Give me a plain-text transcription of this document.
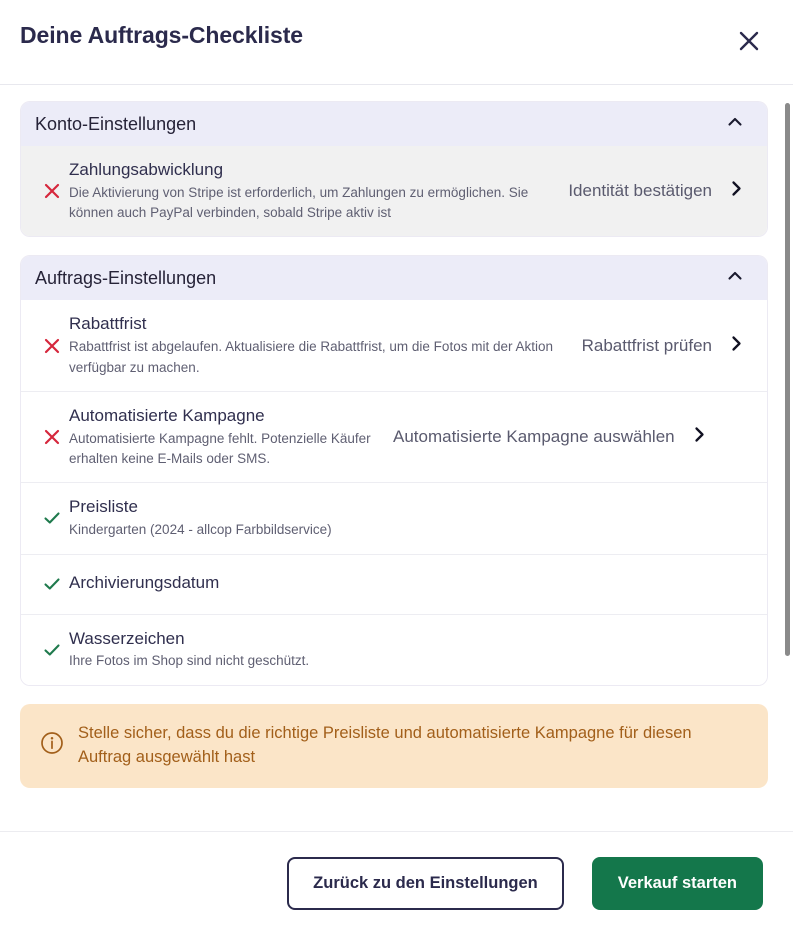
Deine Auftrags-Checkliste
Konto-Einstellungen
Zahlungsabwicklung
Die Aktivierung von Stripe ist erforderlich, um Zahlungen zu ermöglichen. Sie können auch PayPal verbinden, sobald Stripe aktiv ist
Identität bestätigen
Auftrags-Einstellungen
Rabattfrist
Rabattfrist ist abgelaufen. Aktualisiere die Rabattfrist, um die Fotos mit der Aktion verfügbar zu machen.
Rabattfrist prüfen
Automatisierte Kampagne
Automatisierte Kampagne fehlt. Potenzielle Käufer erhalten keine E-Mails oder SMS.
Automatisierte Kampagne auswählen
Preisliste
Kindergarten (2024 - allcop Farbbildservice)
Archivierungsdatum
Wasserzeichen
Ihre Fotos im Shop sind nicht geschützt.
Stelle sicher, dass du die richtige Preisliste und automatisierte Kampagne für diesen Auftrag ausgewählt hast
Zurück zu den Einstellungen	Verkauf starten
